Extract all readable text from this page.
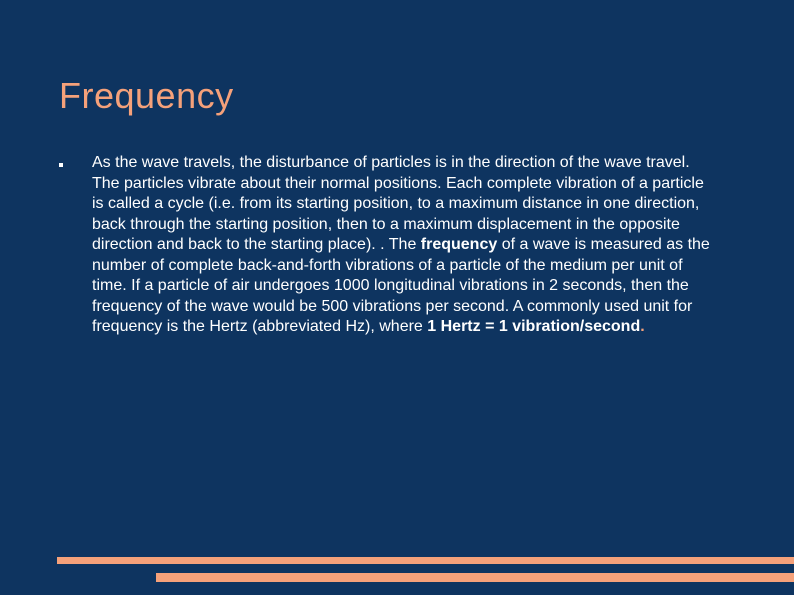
Frequency
As the wave travels, the disturbance of particles is in the direction of the wave travel. The particles vibrate about their normal positions. Each complete vibration of a particle is called a cycle (i.e. from its starting position, to a maximum distance in one direction, back through the starting position, then to a maximum displacement in the opposite direction and back to the starting place). . The frequency of a wave is measured as the number of complete back-and-forth vibrations of a particle of the medium per unit of time. If a particle of air undergoes 1000 longitudinal vibrations in 2 seconds, then the frequency of the wave would be 500 vibrations per second. A commonly used unit for frequency is the Hertz (abbreviated Hz), where 1 Hertz = 1 vibration/second.
